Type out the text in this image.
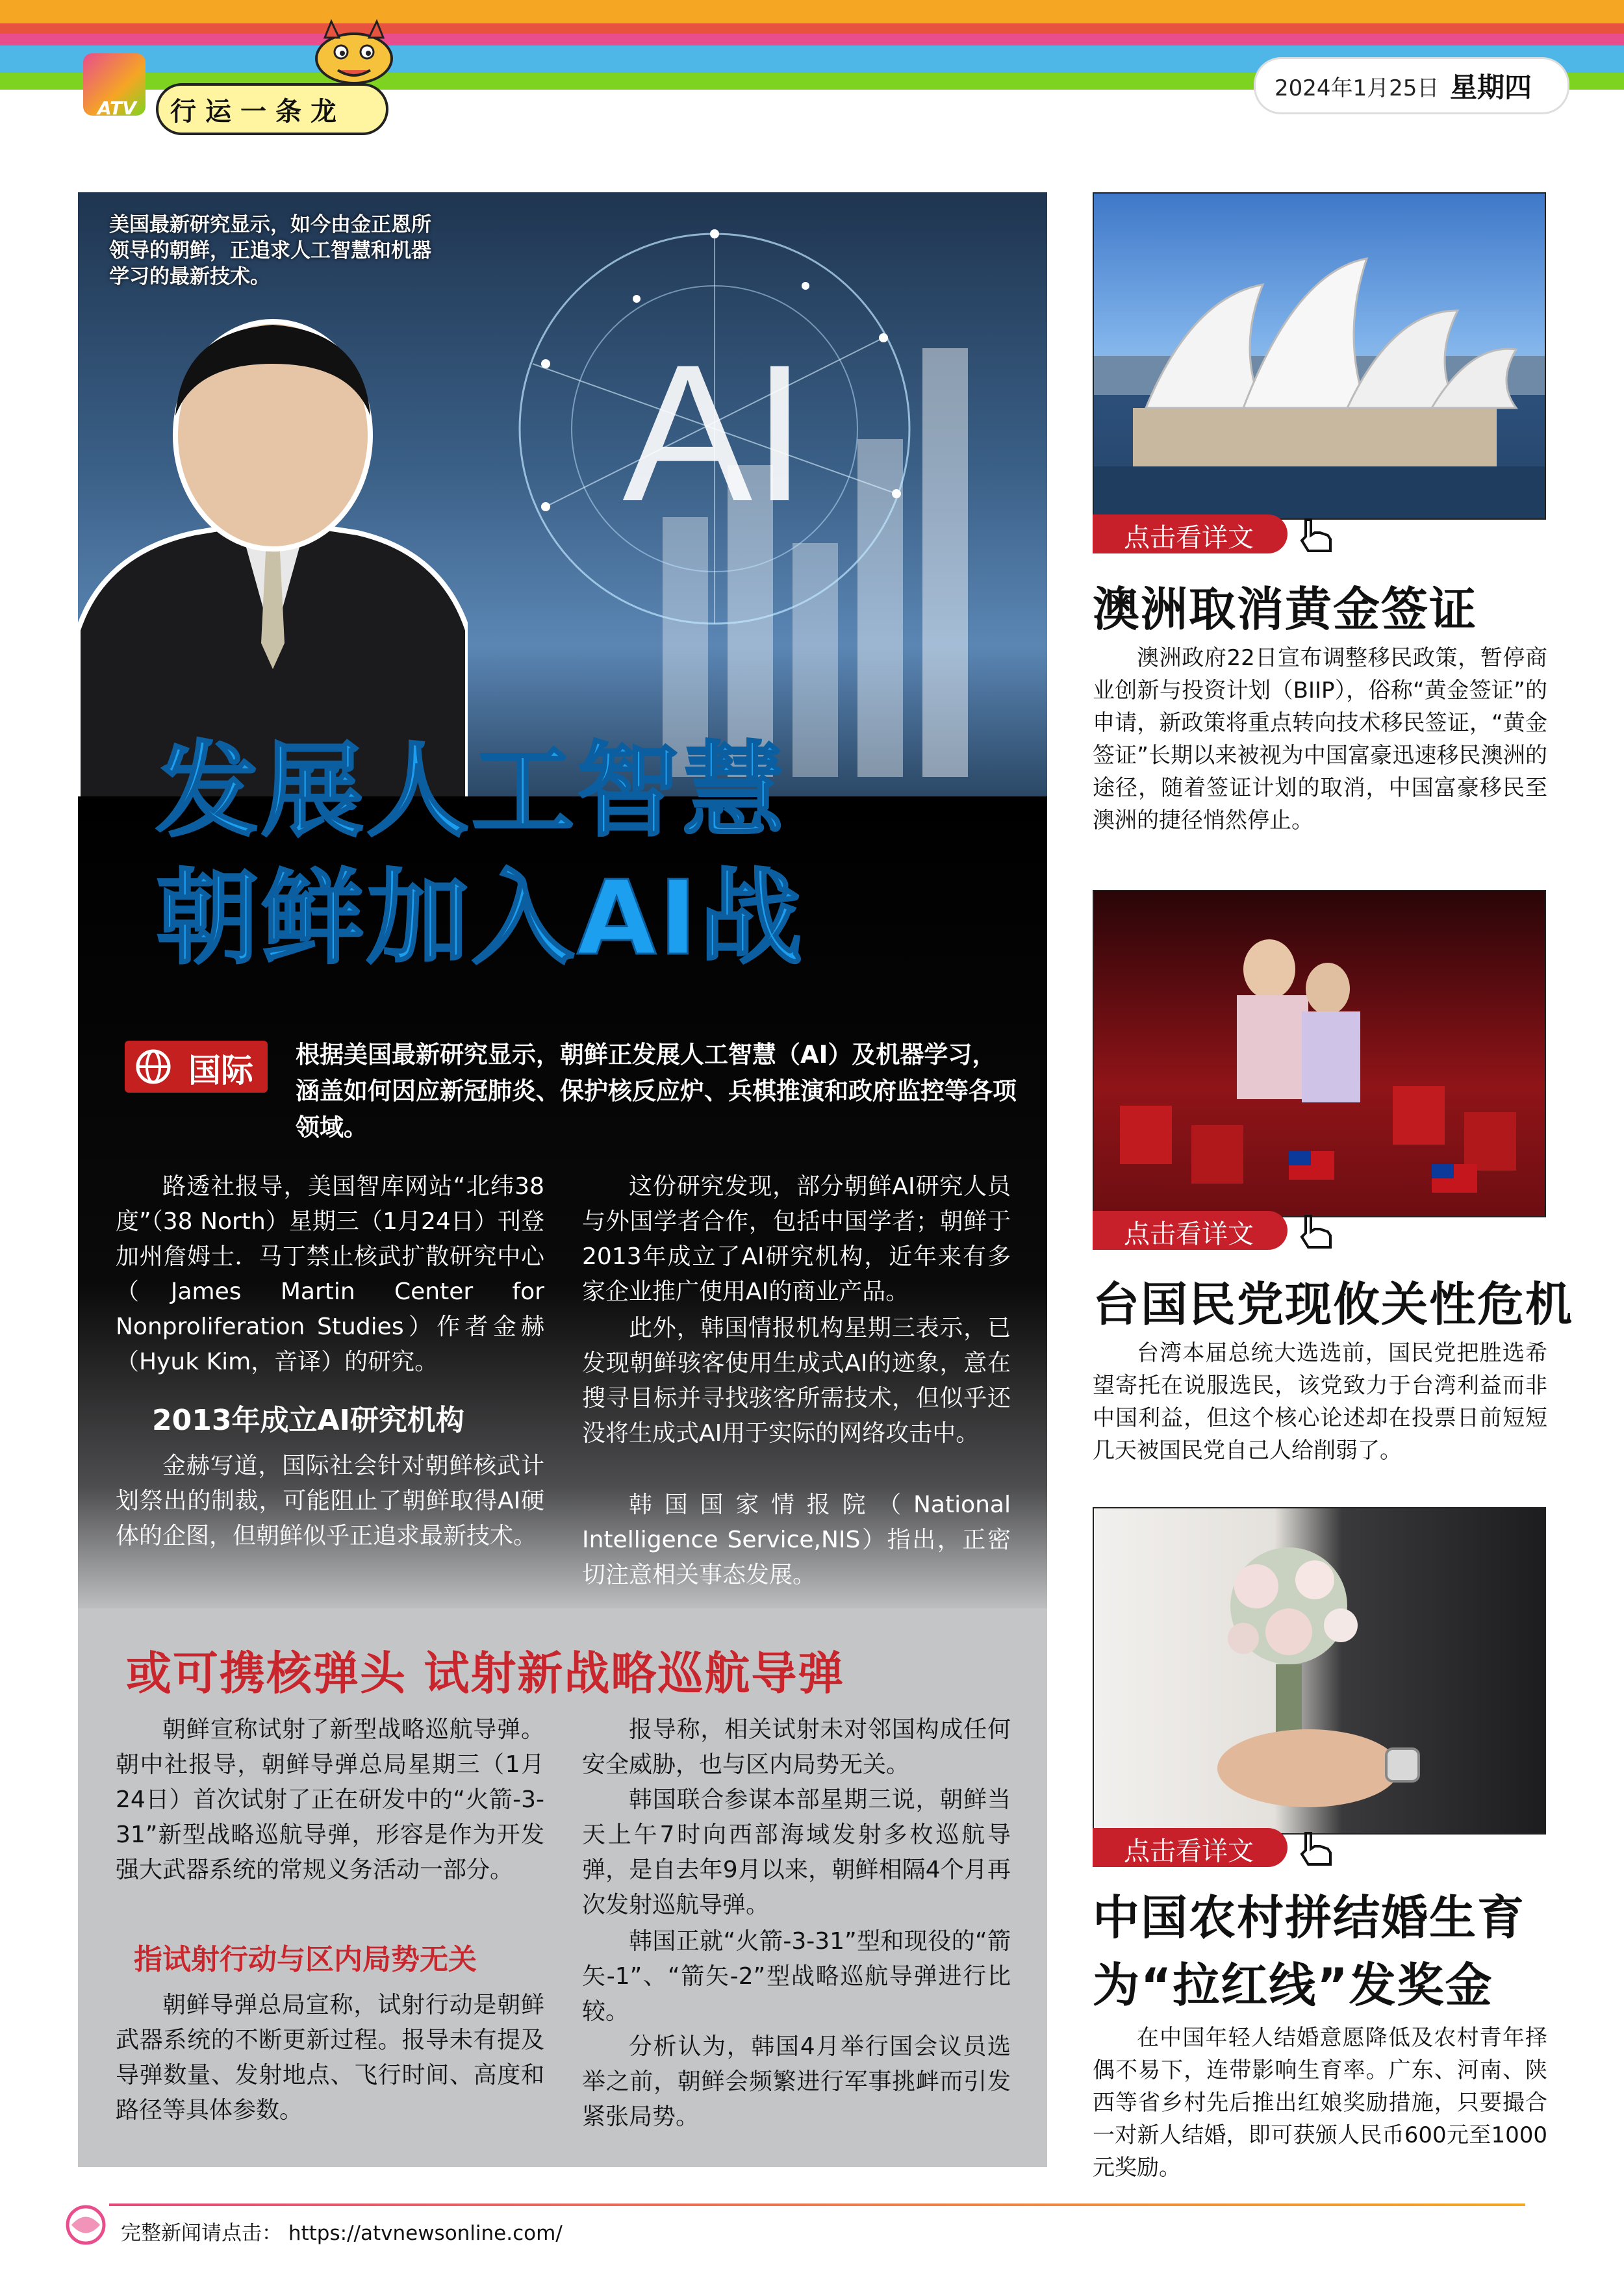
ATV 行运一条龙
2024年1月25日 星期四
AI
美国最新研究显示，如今由金正恩所领导的朝鲜，正追求人工智慧和机器学习的最新技术。
发展人工智慧
朝鲜加入AI战
国际 根据美国最新研究显示，朝鲜正发展人工智慧（AI）及机器学习，涵盖如何因应新冠肺炎、保护核反应炉、兵棋推演和政府监控等各项领域。
路透社报导，美国智库网站“北纬38度”（38 North）星期三（1月24日）刊登加州詹姆士．马丁禁止核武扩散研究中心（James Martin Center for Nonproliferation Studies）作者金赫（Hyuk Kim，音译）的研究。
2013年成立AI研究机构
金赫写道，国际社会针对朝鲜核武计划祭出的制裁，可能阻止了朝鲜取得AI硬体的企图，但朝鲜似乎正追求最新技术。
这份研究发现，部分朝鲜AI研究人员与外国学者合作，包括中国学者；朝鲜于2013年成立了AI研究机构，近年来有多家企业推广使用AI的商业产品。
此外，韩国情报机构星期三表示，已发现朝鲜骇客使用生成式AI的迹象，意在搜寻目标并寻找骇客所需技术，但似乎还没将生成式AI用于实际的网络攻击中。
韩国国家情报院（National Intelligence Service,NIS）指出，正密切注意相关事态发展。
或可携核弹头 试射新战略巡航导弹
朝鲜宣称试射了新型战略巡航导弹。朝中社报导，朝鲜导弹总局星期三（1月24日）首次试射了正在研发中的“火箭-3-31”新型战略巡航导弹，形容是作为开发强大武器系统的常规义务活动一部分。
指试射行动与区内局势无关
朝鲜导弹总局宣称，试射行动是朝鲜武器系统的不断更新过程。报导未有提及导弹数量、发射地点、飞行时间、高度和路径等具体参数。
报导称，相关试射未对邻国构成任何安全威胁，也与区内局势无关。
韩国联合参谋本部星期三说，朝鲜当天上午7时向西部海域发射多枚巡航导弹，是自去年9月以来，朝鲜相隔4个月再次发射巡航导弹。
韩国正就“火箭-3-31”型和现役的“箭矢-1”、“箭矢-2”型战略巡航导弹进行比较。
分析认为，韩国4月举行国会议员选举之前，朝鲜会频繁进行军事挑衅而引发紧张局势。
点击看详文
澳洲取消黄金签证
澳洲政府22日宣布调整移民政策，暂停商业创新与投资计划（BIIP），俗称“黄金签证”的申请，新政策将重点转向技术移民签证，“黄金签证”长期以来被视为中国富豪迅速移民澳洲的途径，随着签证计划的取消，中国富豪移民至澳洲的捷径悄然停止。
点击看详文
台国民党现攸关性危机
台湾本届总统大选选前，国民党把胜选希望寄托在说服选民，该党致力于台湾利益而非中国利益，但这个核心论述却在投票日前短短几天被国民党自己人给削弱了。
点击看详文
中国农村拼结婚生育
为“拉红线”发奖金
在中国年轻人结婚意愿降低及农村青年择偶不易下，连带影响生育率。广东、河南、陕西等省乡村先后推出红娘奖励措施，只要撮合一对新人结婚，即可获颁人民币600元至1000元奖励。
完整新闻请点击： https://atvnewsonline.com/
